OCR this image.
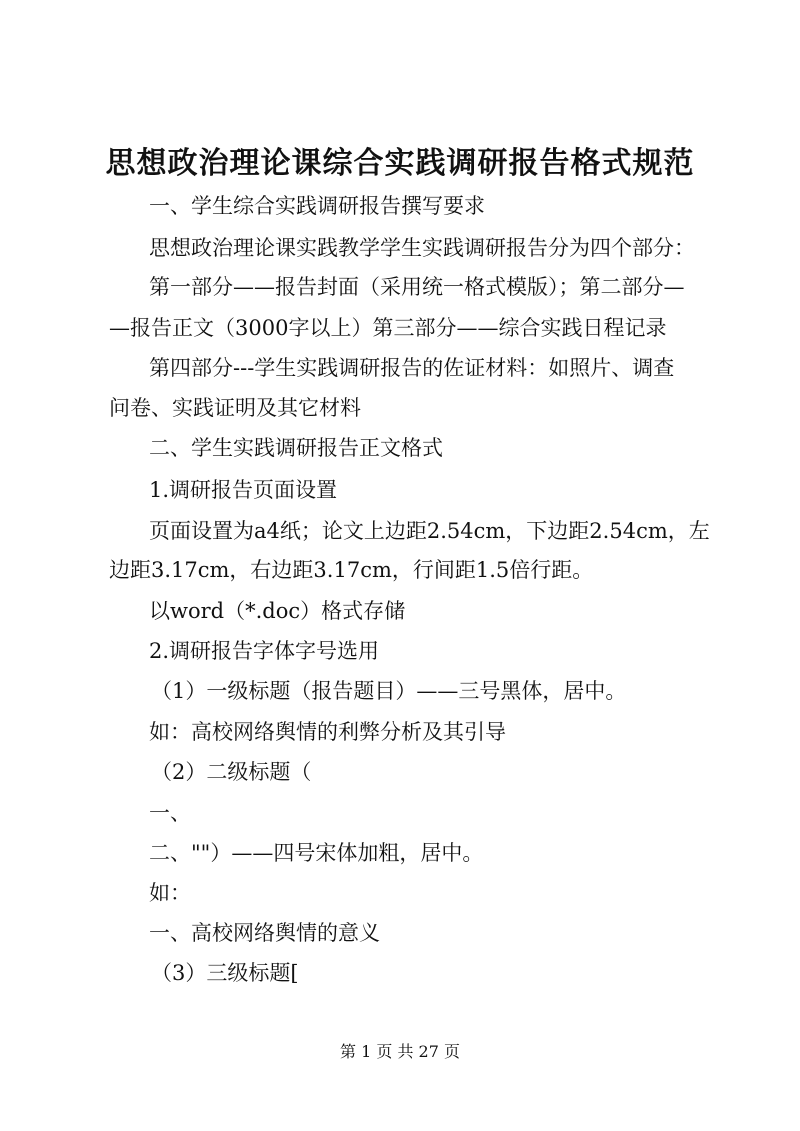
思想政治理论课综合实践调研报告格式规范
一、学生综合实践调研报告撰写要求
思想政治理论课实践教学学生实践调研报告分为四个部分：
第一部分——报告封面（采用统一格式模版）；第二部分—
—报告正文（3000字以上）第三部分——综合实践日程记录
第四部分---学生实践调研报告的佐证材料：如照片、调查
问卷、实践证明及其它材料
二、学生实践调研报告正文格式
1.调研报告页面设置
页面设置为a4纸；论文上边距2.54cm，下边距2.54cm，左
边距3.17cm，右边距3.17cm，行间距1.5倍行距。
以word（*.doc）格式存储
2.调研报告字体字号选用
（1）一级标题（报告题目）——三号黑体，居中。
如：高校网络舆情的利弊分析及其引导
（2）二级标题（
一、
二、""）——四号宋体加粗，居中。
如：
一、高校网络舆情的意义
（3）三级标题[
第 1 页 共 27 页
